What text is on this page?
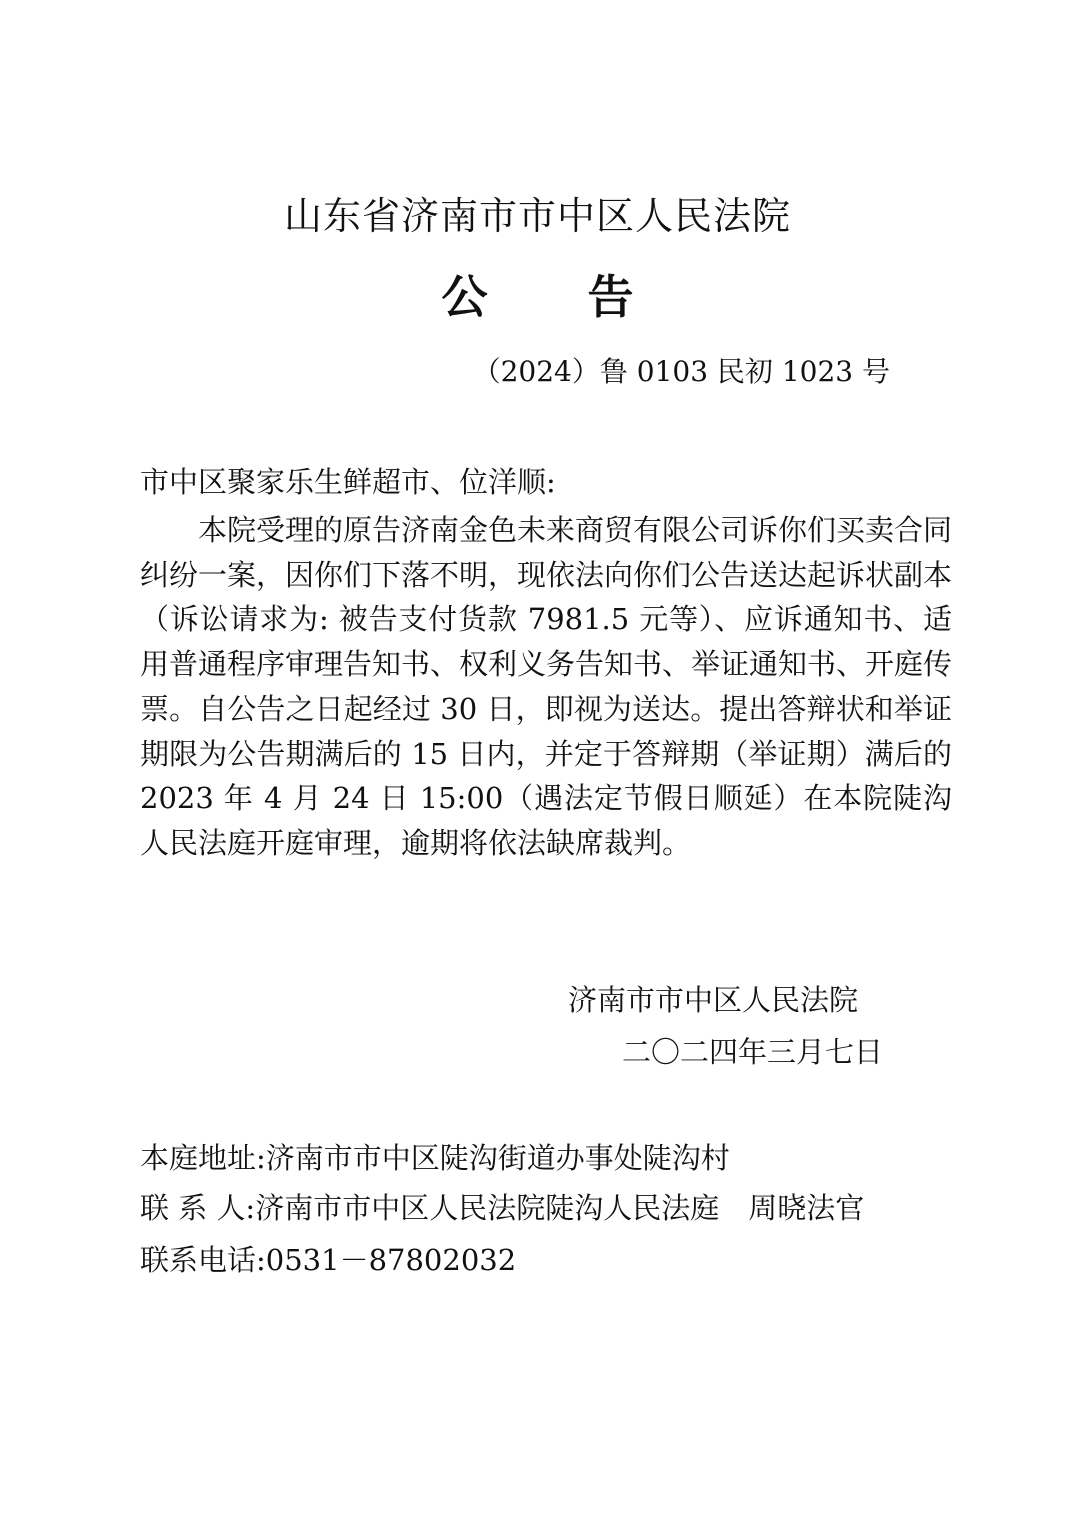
山东省济南市市中区人民法院
公 告
（2024）鲁 0103 民初 1023 号
市中区聚家乐生鲜超市、位洋顺:
本院受理的原告济南金色未来商贸有限公司诉你们买卖合同纠纷一案，因你们下落不明，现依法向你们公告送达起诉状副本（诉讼请求为: 被告支付货款 7981.5 元等）、应诉通知书、适用普通程序审理告知书、权利义务告知书、举证通知书、开庭传票。自公告之日起经过 30 日，即视为送达。提出答辩状和举证期限为公告期满后的 15 日内，并定于答辩期（举证期）满后的 2023 年 4 月 24 日 15:00（遇法定节假日顺延）在本院陡沟人民法庭开庭审理，逾期将依法缺席裁判。
济南市市中区人民法院
二〇二四年三月七日
本庭地址:济南市市中区陡沟街道办事处陡沟村
联 系 人:济南市市中区人民法院陡沟人民法庭　周晓法官
联系电话:0531－87802032
